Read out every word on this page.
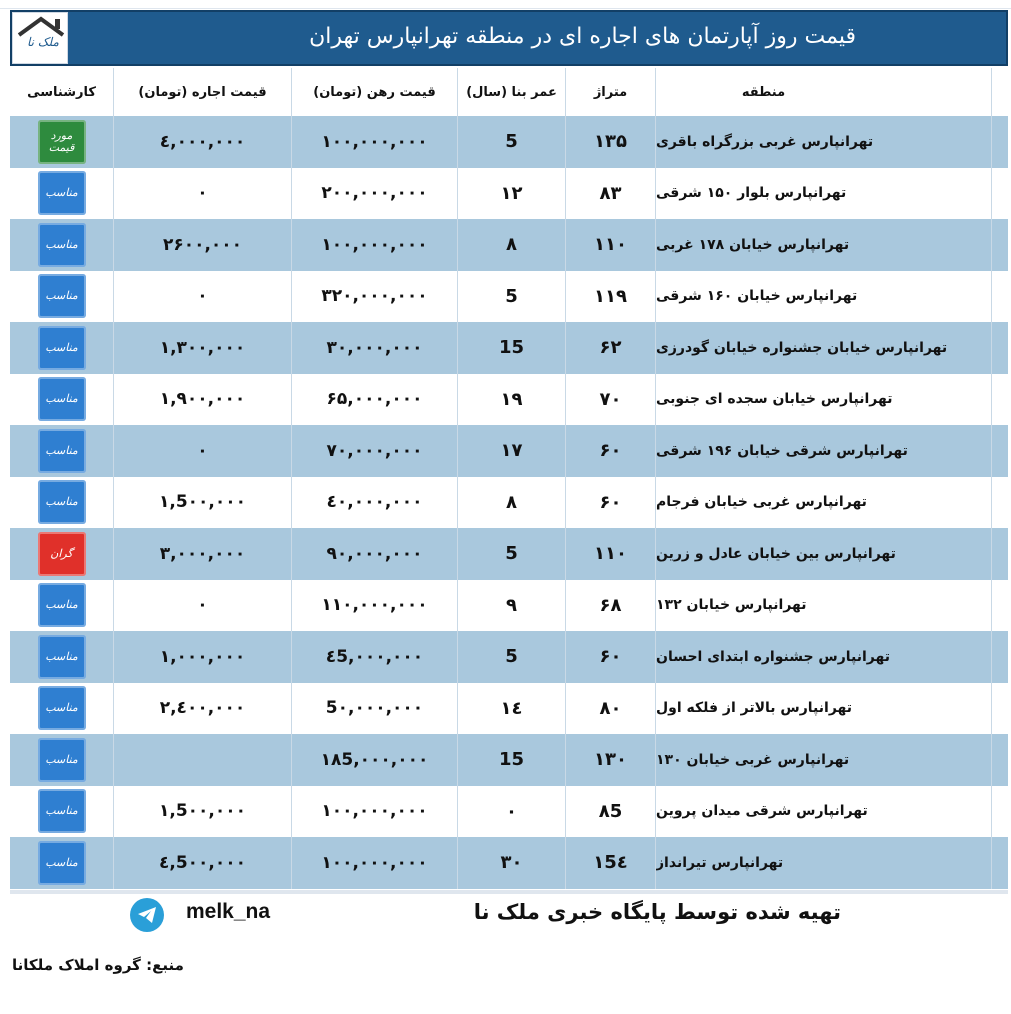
قیمت روز آپارتمان های اجاره ای در منطقه تهرانپارس تهران
ملک نا
منطقه
متراژ
عمر بنا (سال)
قیمت رهن (تومان)
قیمت اجاره (تومان)
کارشناسی
تهرانپارس غربی بزرگراه باقری
۱۳۵
5
۱۰۰,۰۰۰,۰۰۰
٤,۰۰۰,۰۰۰
مورد قیمت
تهرانپارس بلوار ۱۵۰ شرقی
۸۳
۱۲
۲۰۰,۰۰۰,۰۰۰
۰
مناسب
تهرانپارس خیابان ۱۷۸ غربی
۱۱۰
۸
۱۰۰,۰۰۰,۰۰۰
۲۶۰۰,۰۰۰
مناسب
تهرانپارس خیابان ۱۶۰ شرقی
۱۱۹
5
۳۲۰,۰۰۰,۰۰۰
۰
مناسب
تهرانپارس خیابان جشنواره خیابان گودرزی
۶۲
15
۳۰,۰۰۰,۰۰۰
۱,۳۰۰,۰۰۰
مناسب
تهرانپارس خیابان سجده ای جنوبی
۷۰
۱۹
۶۵,۰۰۰,۰۰۰
۱,۹۰۰,۰۰۰
مناسب
تهرانپارس شرقی خیابان ۱۹۶ شرقی
۶۰
۱۷
۷۰,۰۰۰,۰۰۰
۰
مناسب
تهرانپارس غربی خیابان فرجام
۶۰
۸
٤۰,۰۰۰,۰۰۰
۱,5۰۰,۰۰۰
مناسب
تهرانپارس بین خیابان عادل و زرین
۱۱۰
5
۹۰,۰۰۰,۰۰۰
۳,۰۰۰,۰۰۰
گران
تهرانپارس خیابان ۱۳۲
۶۸
۹
۱۱۰,۰۰۰,۰۰۰
۰
مناسب
تهرانپارس جشنواره ابتدای احسان
۶۰
5
٤5,۰۰۰,۰۰۰
۱,۰۰۰,۰۰۰
مناسب
تهرانپارس بالاتر از فلکه اول
۸۰
۱٤
5۰,۰۰۰,۰۰۰
۲,٤۰۰,۰۰۰
مناسب
تهرانپارس غربی خیابان ۱۳۰
۱۳۰
15
۱۸5,۰۰۰,۰۰۰
مناسب
تهرانپارس شرقی میدان پروین
۸5
۰
۱۰۰,۰۰۰,۰۰۰
۱,5۰۰,۰۰۰
مناسب
تهرانپارس تیرانداز
۱5٤
۳۰
۱۰۰,۰۰۰,۰۰۰
٤,5۰۰,۰۰۰
مناسب
melk_na	تهیه شده توسط پایگاه خبری ملک نا
منبع: گروه املاک ملکانا
